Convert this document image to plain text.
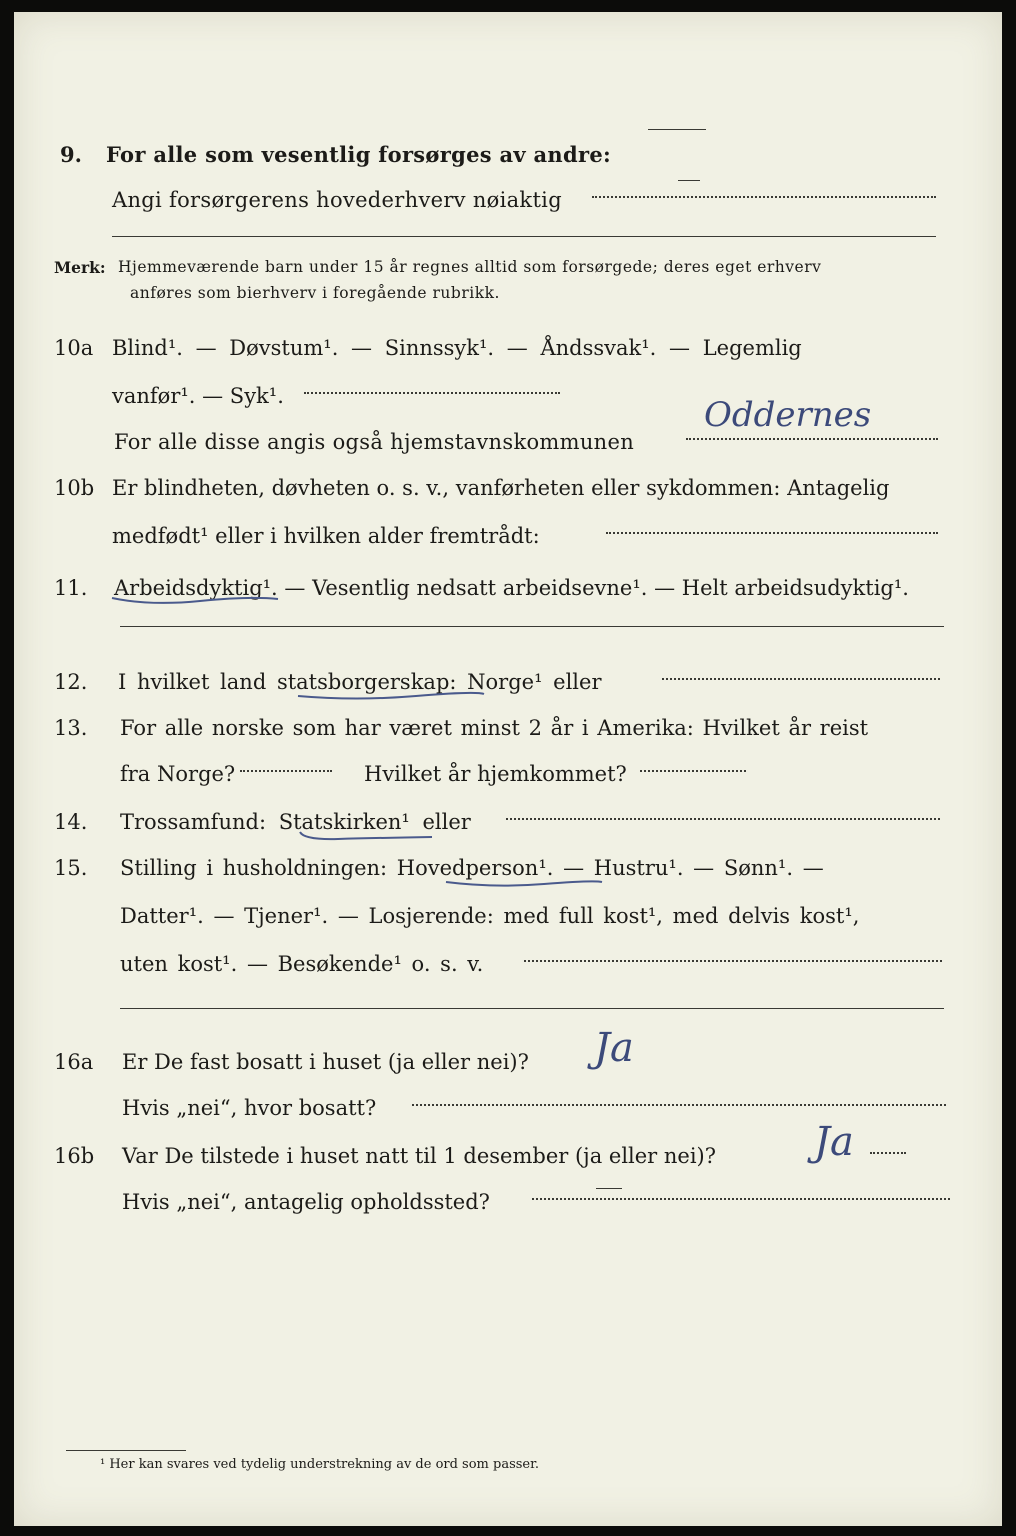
9. For alle som vesentlig forsørges av andre:
Angi forsørgerens hovederhverv nøiaktig
Merk: Hjemmeværende barn under 15 år regnes alltid som forsørgede; deres eget erhverv
anføres som bierhverv i foregående rubrikk.
10a Blind¹. — Døvstum¹. — Sinnssyk¹. — Åndssvak¹. — Legemlig
vanfør¹. — Syk¹.
For alle disse angis også hjemstavnskommunen
Oddernes
10b Er blindheten, døvheten o. s. v., vanførheten eller sykdommen: Antagelig
medfødt¹ eller i hvilken alder fremtrådt:
11. Arbeidsdyktig¹. — Vesentlig nedsatt arbeidsevne¹. — Helt arbeidsudyktig¹.
12. I hvilket land statsborgerskap: Norge¹ eller
13. For alle norske som har været minst 2 år i Amerika: Hvilket år reist
fra Norge?	Hvilket år hjemkommet?
14. Trossamfund: Statskirken¹ eller
15. Stilling i husholdningen: Hovedperson¹. — Hustru¹. — Sønn¹. —
Datter¹. — Tjener¹. — Losjerende: med full kost¹, med delvis kost¹,
uten kost¹. — Besøkende¹ o. s. v.
16a Er De fast bosatt i huset (ja eller nei)? Ja
Hvis „nei“, hvor bosatt?
16b Var De tilstede i huset natt til 1 desember (ja eller nei)? Ja
Hvis „nei“, antagelig opholdssted?
¹ Her kan svares ved tydelig understrekning av de ord som passer.
